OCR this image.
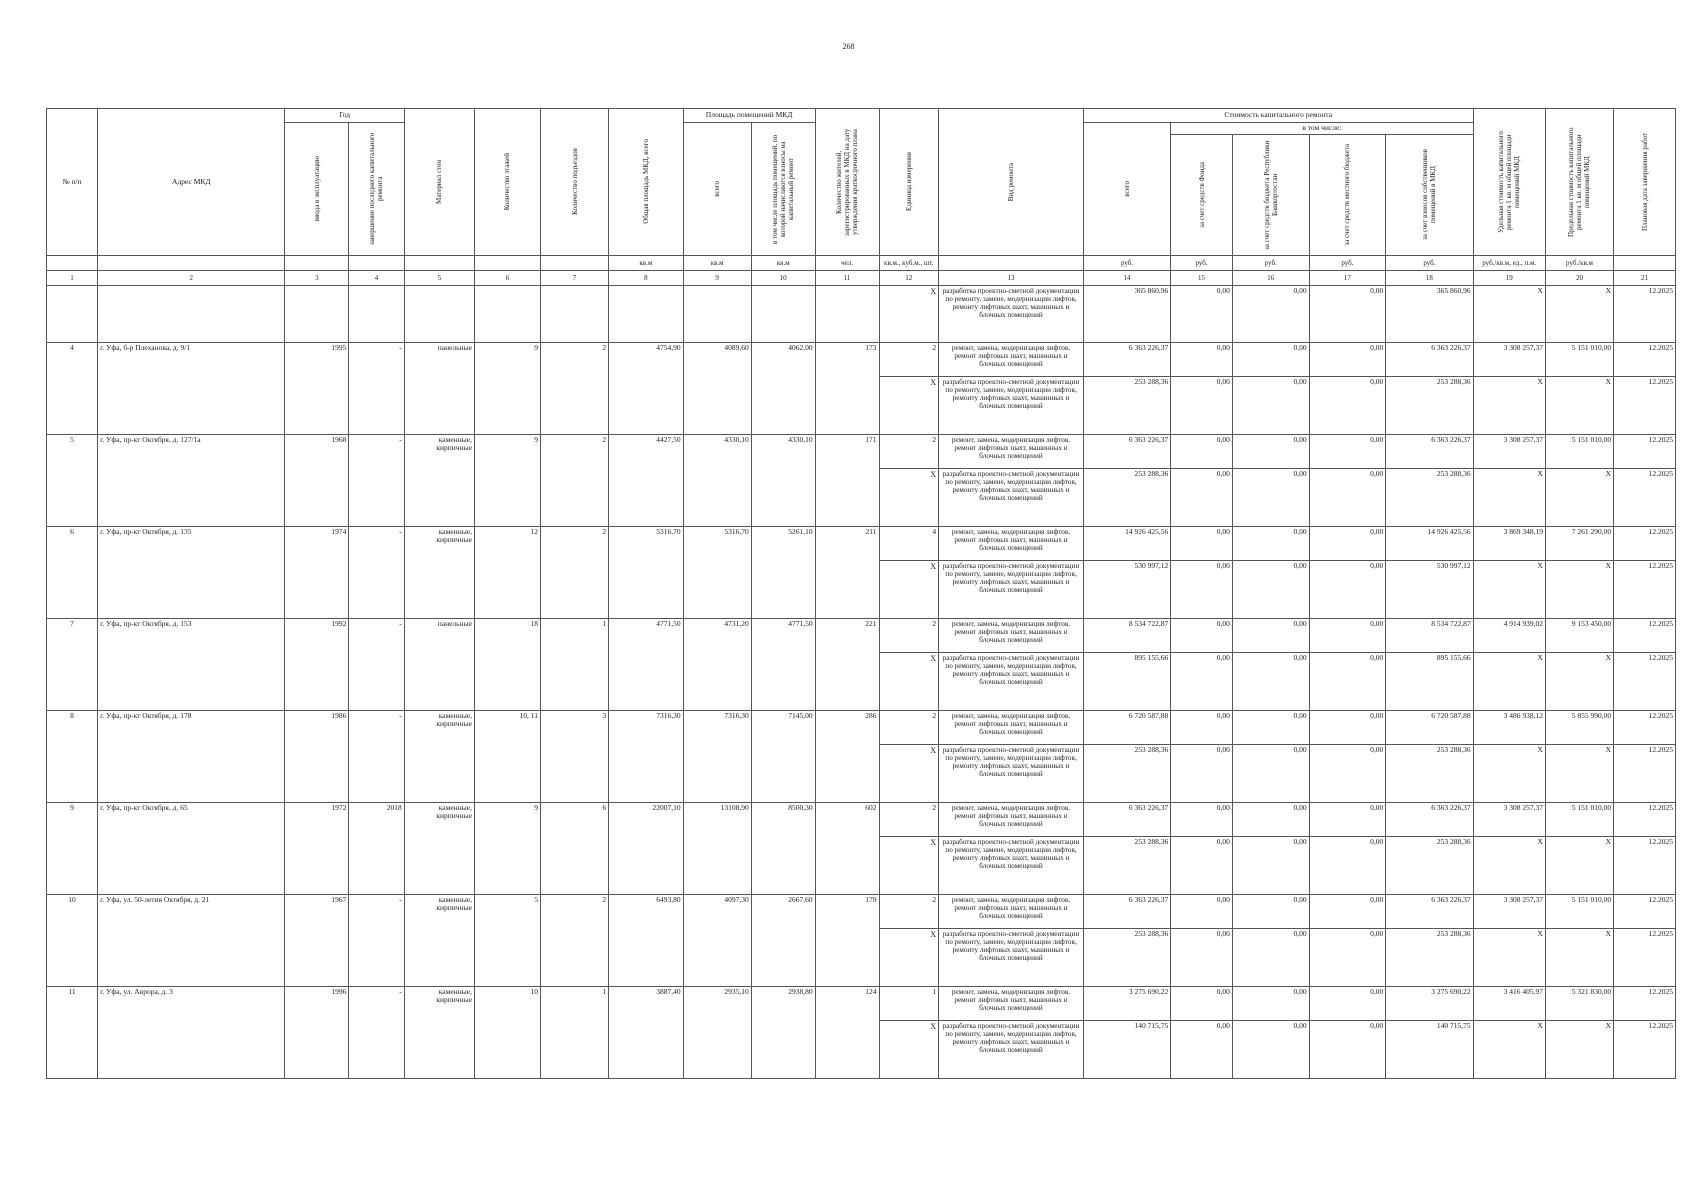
268
№ п/п	Адрес МКД	Год		Материал стен	Количество этажей	Количество подъездов	Общая площадь МКД, всего	Площадь помещений МКД		Количество жителей, зарегистрированных в МКД на дату утверждения краткосрочного плана	Единица измерения	Вид ремонта	Стоимость капитального ремонта					Удельная стоимость капитального ремонта 1 кв. м общей площади помещений МКД	Предельная стоимость капитального ремонта 1 кв. м общей площади помещений МКД	Плановая дата завершения работ

		ввода в эксплуатацию	завершение последнего капитального ремонта					всего	в том числе площадь помещений, по которой начисляются взносы на капитальный ремонт				всего	в том числе:						

														за счет средств Фонда	за счет средств бюджета Республики Башкортостан	за счет средств местного бюджета	за счет взносов собственников помещений в МКД			

							кв.м	кв.м	кв.м	чел.	кв.м., куб.м., шт.		руб.	руб.	руб.	руб.	руб.	руб./кв.м, ед., п.м.	руб./кв.м	
1	2	3	4	5	6	7	8	9	10	11	12	13	14	15	16	17	18	19	20	21
											X	разработка проектно-сметной документации по ремонту, замене, модернизации лифтов, ремонту лифтовых шахт, машинных и блочных помещений	365 860,96	0,00	0,00	0,00	365 860,96	X	X	12.2025
4	г. Уфа, б-р Плеханова, д. 9/1	1995	-	панельные	9	2	4754,90	4089,60	4062,00	173	2	ремонт, замена, модернизация лифтов, ремонт лифтовых шахт, машинных и блочных помещений	6 363 226,37	0,00	0,00	0,00	6 363 226,37	3 308 257,37	5 151 010,00	12.2025
											X	разработка проектно-сметной документации по ремонту, замене, модернизации лифтов, ремонту лифтовых шахт, машинных и блочных помещений	253 288,36	0,00	0,00	0,00	253 288,36	X	X	12.2025
5	г. Уфа, пр-кт Октября, д. 127/1а	1968	-	каменные, кирпичные	9	2	4427,50	4330,10	4330,10	171	2	ремонт, замена, модернизация лифтов, ремонт лифтовых шахт, машинных и блочных помещений	6 363 226,37	0,00	0,00	0,00	6 363 226,37	3 308 257,37	5 151 010,00	12.2025
											X	разработка проектно-сметной документации по ремонту, замене, модернизации лифтов, ремонту лифтовых шахт, машинных и блочных помещений	253 288,36	0,00	0,00	0,00	253 288,36	X	X	12.2025
6	г. Уфа, пр-кт Октября, д. 135	1974	-	каменные, кирпичные	12	2	5316,70	5316,70	5261,10	211	4	ремонт, замена, модернизация лифтов, ремонт лифтовых шахт, машинных и блочных помещений	14 926 425,56	0,00	0,00	0,00	14 926 425,56	3 869 348,19	7 261 290,00	12.2025
											X	разработка проектно-сметной документации по ремонту, замене, модернизации лифтов, ремонту лифтовых шахт, машинных и блочных помещений	530 997,12	0,00	0,00	0,00	530 997,12	X	X	12.2025
7	г. Уфа, пр-кт Октября, д. 153	1992	-	панельные	18	1	4771,50	4731,20	4771,50	221	2	ремонт, замена, модернизация лифтов, ремонт лифтовых шахт, машинных и блочных помещений	8 534 722,87	0,00	0,00	0,00	8 534 722,87	4 914 939,02	9 153 450,00	12.2025
											X	разработка проектно-сметной документации по ремонту, замене, модернизации лифтов, ремонту лифтовых шахт, машинных и блочных помещений	895 155,66	0,00	0,00	0,00	895 155,66	X	X	12.2025
8	г. Уфа, пр-кт Октября, д. 178	1986	-	каменные, кирпичные	10, 11	3	7316,30	7316,30	7145,00	286	2	ремонт, замена, модернизация лифтов, ремонт лифтовых шахт, машинных и блочных помещений	6 720 587,88	0,00	0,00	0,00	6 720 587,88	3 486 938,12	5 855 990,00	12.2025
											X	разработка проектно-сметной документации по ремонту, замене, модернизации лифтов, ремонту лифтовых шахт, машинных и блочных помещений	253 288,36	0,00	0,00	0,00	253 288,36	X	X	12.2025
9	г. Уфа, пр-кт Октября, д. 65	1972	2018	каменные, кирпичные	9	6	22007,10	13108,90	8500,30	602	2	ремонт, замена, модернизация лифтов, ремонт лифтовых шахт, машинных и блочных помещений	6 363 226,37	0,00	0,00	0,00	6 363 226,37	3 308 257,37	5 151 010,00	12.2025
											X	разработка проектно-сметной документации по ремонту, замене, модернизации лифтов, ремонту лифтовых шахт, машинных и блочных помещений	253 288,36	0,00	0,00	0,00	253 288,36	X	X	12.2025
10	г. Уфа, ул. 50-летия Октября, д. 21	1967	-	каменные, кирпичные	5	2	6493,80	4097,30	2667,60	179	2	ремонт, замена, модернизация лифтов, ремонт лифтовых шахт, машинных и блочных помещений	6 363 226,37	0,00	0,00	0,00	6 363 226,37	3 308 257,37	5 151 010,00	12.2025
											X	разработка проектно-сметной документации по ремонту, замене, модернизации лифтов, ремонту лифтовых шахт, машинных и блочных помещений	253 288,36	0,00	0,00	0,00	253 288,36	X	X	12.2025
11	г. Уфа, ул. Аврора, д. 3	1996	-	каменные, кирпичные	10	1	3887,40	2935,10	2938,80	124	1	ремонт, замена, модернизация лифтов, ремонт лифтовых шахт, машинных и блочных помещений	3 275 690,22	0,00	0,00	0,00	3 275 690,22	3 416 405,97	5 321 830,00	12.2025
											X	разработка проектно-сметной документации по ремонту, замене, модернизации лифтов, ремонту лифтовых шахт, машинных и блочных помещений	140 715,75	0,00	0,00	0,00	140 715,75	X	X	12.2025
